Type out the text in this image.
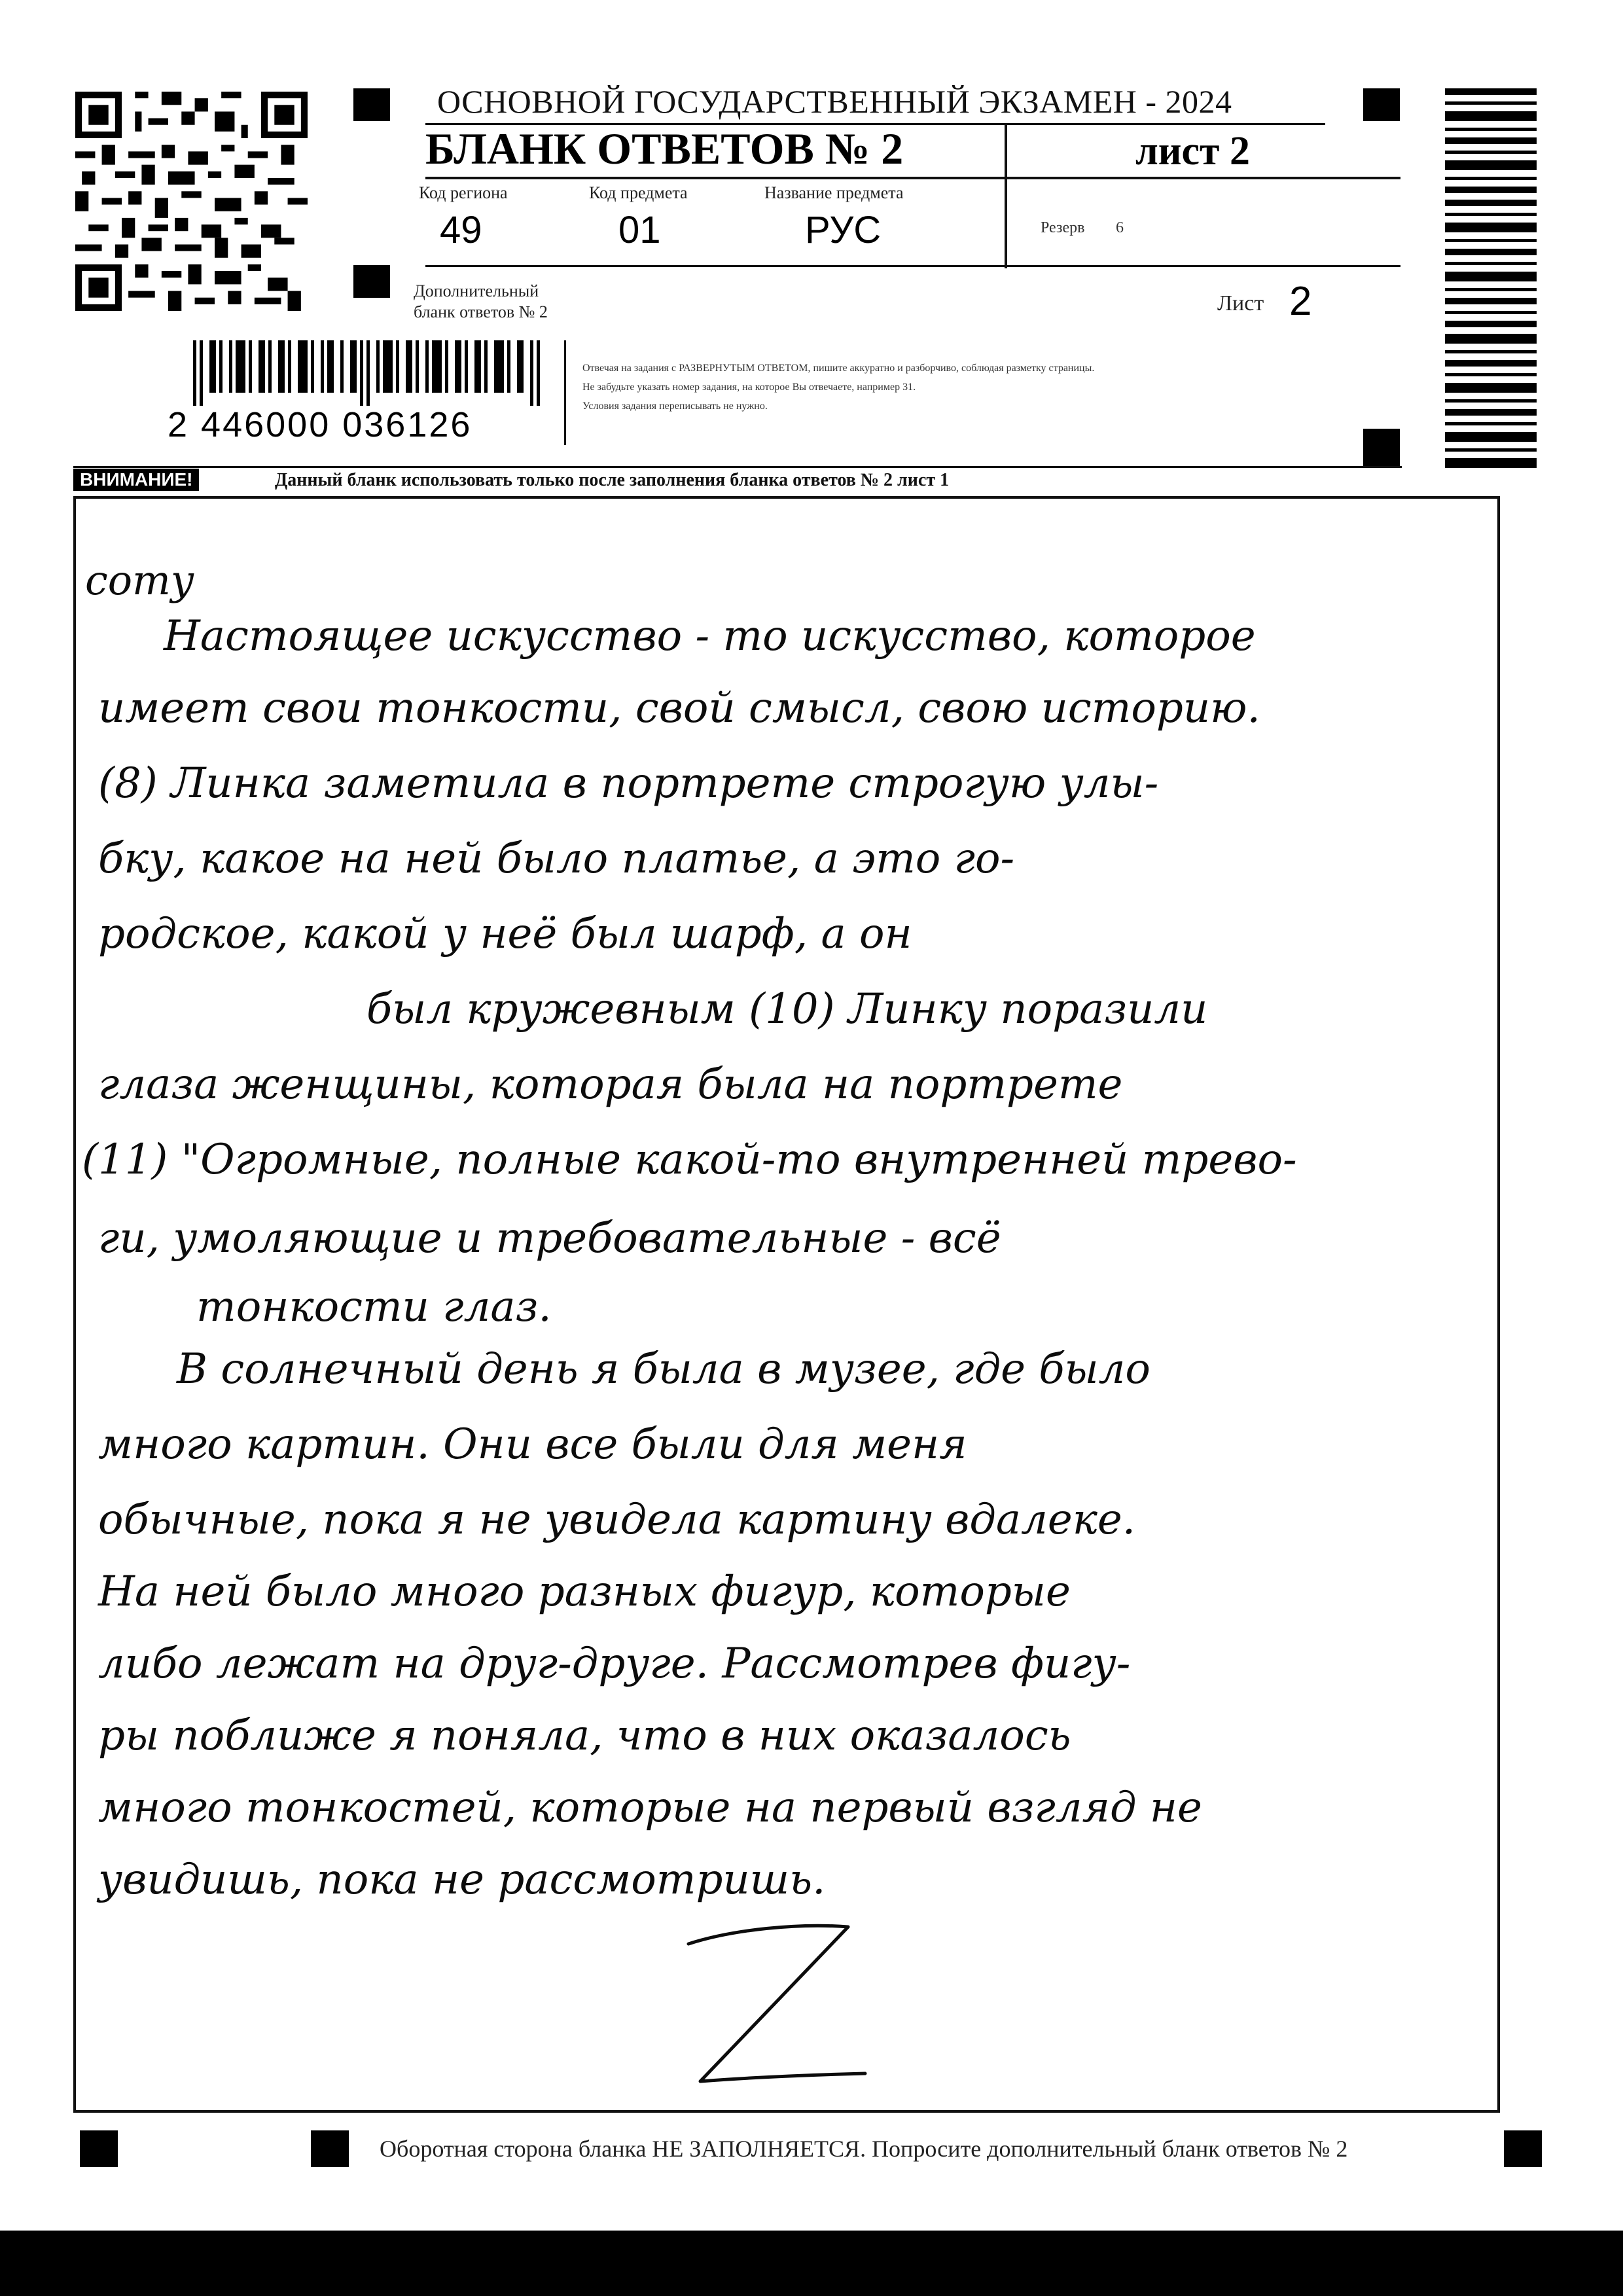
ОСНОВНОЙ ГОСУДАРСТВЕННЫЙ ЭКЗАМЕН - 2024
БЛАНК ОТВЕТОВ № 2	лист 2
Код региона
49
Код предмета
01
Название предмета
РУС	Резерв 6
Дополнительный
бланк ответов № 2	Лист 2
2 446000 036126
Отвечая на задания с РАЗВЕРНУТЫМ ОТВЕТОМ, пишите аккуратно и разборчиво, соблюдая разметку страницы.
Не забудьте указать номер задания, на которое Вы отвечаете, например 31.
Условия задания переписывать не нужно.
ВНИМАНИЕ!	Данный бланк использовать только после заполнения бланка ответов № 2 лист 1
сотy
Настоящее искусство - то искусство, которое
имеет свои тонкости, свой смысл, свою историю.
(8) Линка заметила в портрете строгую улы-
бку, какое на ней было платье, а это го-
родское, какой у неё был шарф, а он
был кружевным (10) Линку поразили
глаза женщины, которая была на портрете
(11) "Огромные, полные какой-то внутренней трево-
ги, умоляющие и требовательные - всё
тонкости глаз.
В солнечный день я была в музее, где было
много картин. Они все были для меня
обычные, пока я не увидела картину вдалеке.
На ней было много разных фигур, которые
либо лежат на друг-друге. Рассмотрев фигу-
ры поближе я поняла, что в них оказалось
много тонкостей, которые на первый взгляд не
увидишь, пока не рассмотришь.
Оборотная сторона бланка НЕ ЗАПОЛНЯЕТСЯ. Попросите дополнительный бланк ответов № 2
